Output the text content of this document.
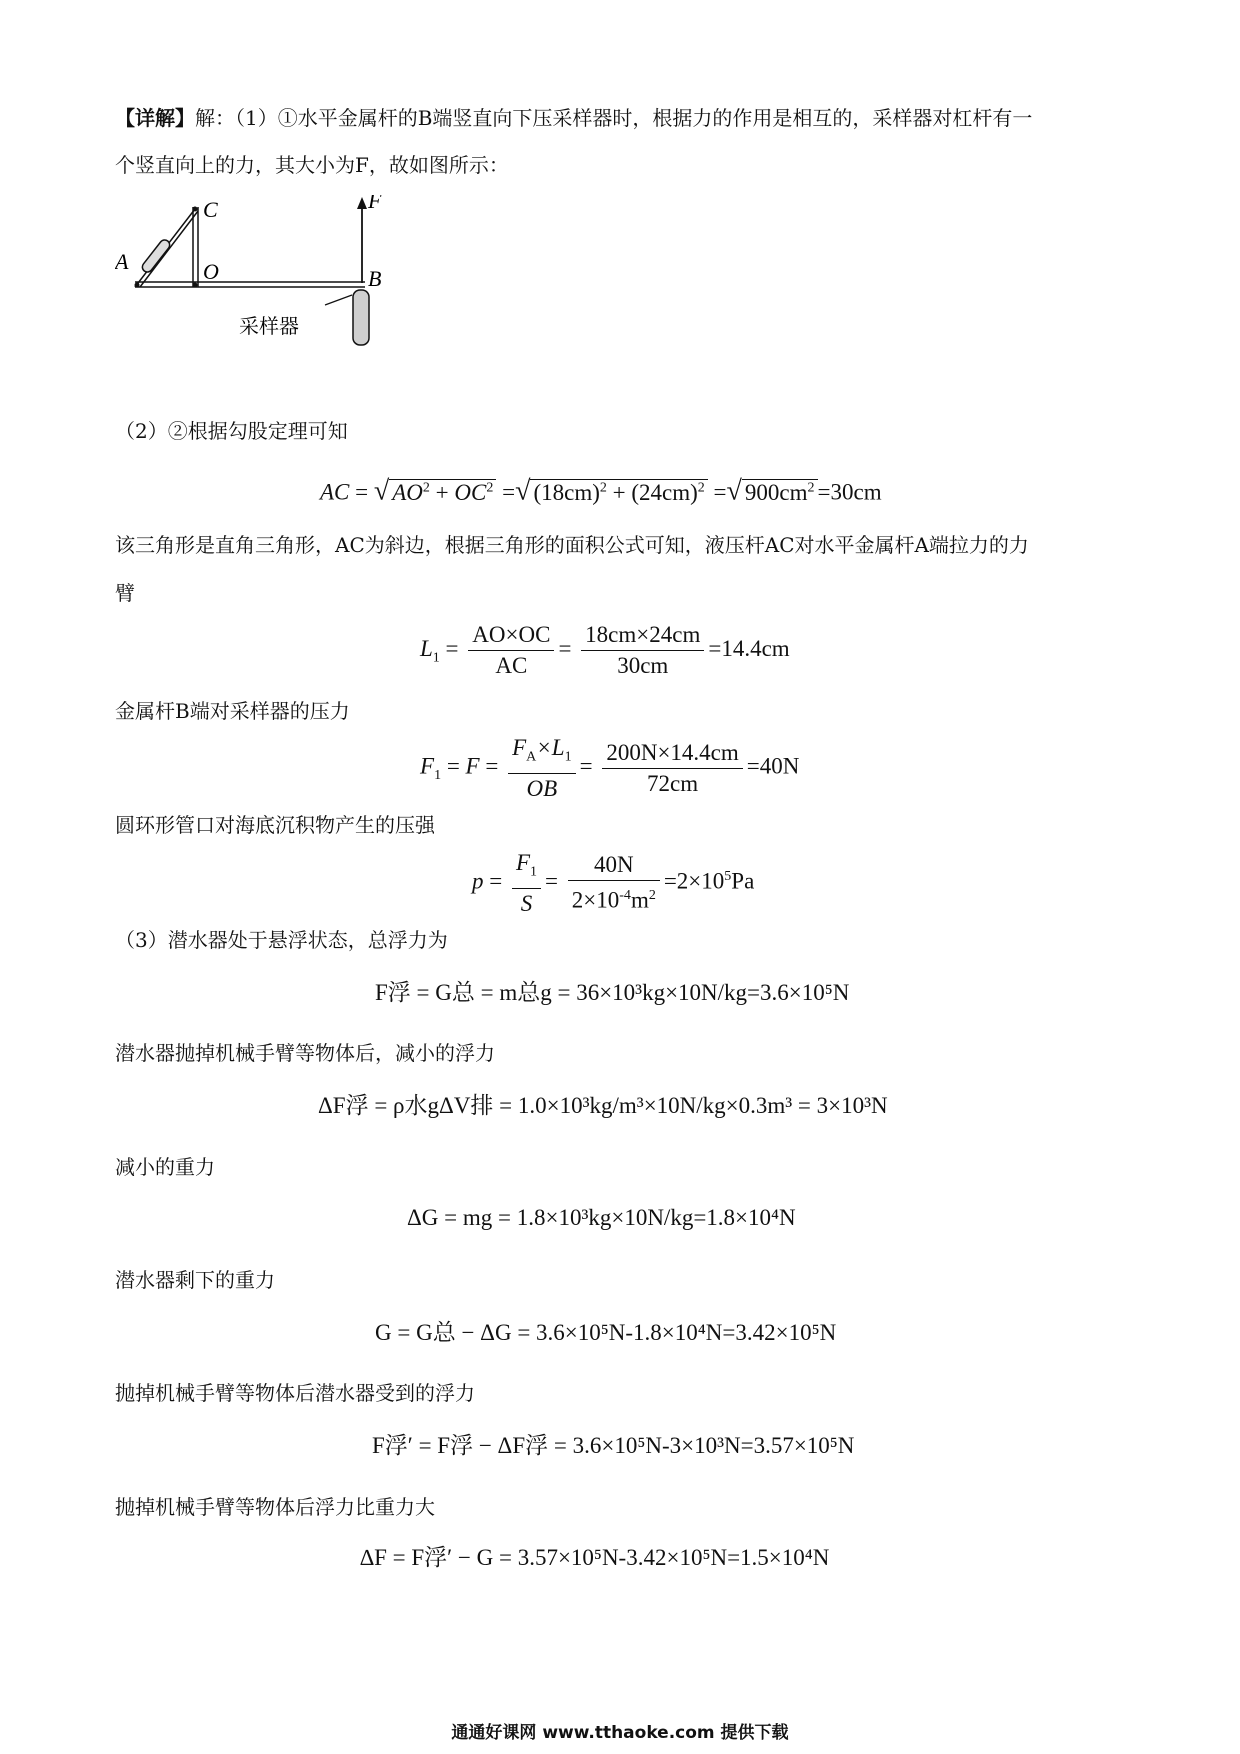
【详解】解：（1）①水平金属杆的B端竖直向下压采样器时，根据力的作用是相互的，采样器对杠杆有一
个竖直向上的力，其大小为F，故如图所示：
A
C
O
F
B
采样器
（2）②根据勾股定理可知
AC = √ $AO^2 + OC^2$ =√ $(18cm)^2 + (24cm)^2$ =√ $900cm^2 =30cm$
该三角形是直角三角形，AC为斜边，根据三角形的面积公式可知，液压杆AC对水平金属杆A端拉力的力
臂
$L_1 = \frac{AO\times OC}{AC} = \frac{18cm\times 24cm}{30cm} =14.4cm$
金属杆B端对采样器的压力
$F_1 = F = \frac{F_A\times L_1}{OB} = \frac{200N\times 14.4cm}{72cm} =40N$
圆环形管口对海底沉积物产生的压强
$p = \frac{F_1}{S} = \frac{40N}{2\times 10^{-4}m^2} =2\times 10^5Pa$
（3）潜水器处于悬浮状态，总浮力为
F浮 = G总 = m总g = 36×10³kg×10N/kg=3.6×10⁵N
潜水器抛掉机械手臂等物体后，减小的浮力
ΔF浮 = ρ水gΔV排 = 1.0×10³kg/m³×10N/kg×0.3m³ = 3×10³N
减小的重力
ΔG = mg = 1.8×10³kg×10N/kg=1.8×10⁴N
潜水器剩下的重力
G = G总 − ΔG = 3.6×10⁵N-1.8×10⁴N=3.42×10⁵N
抛掉机械手臂等物体后潜水器受到的浮力
F浮′ = F浮 − ΔF浮 = 3.6×10⁵N-3×10³N=3.57×10⁵N
抛掉机械手臂等物体后浮力比重力大
∆F = F浮′ − G = 3.57×10⁵N-3.42×10⁵N=1.5×10⁴N
通通好课网 www.tthaoke.com 提供下载
